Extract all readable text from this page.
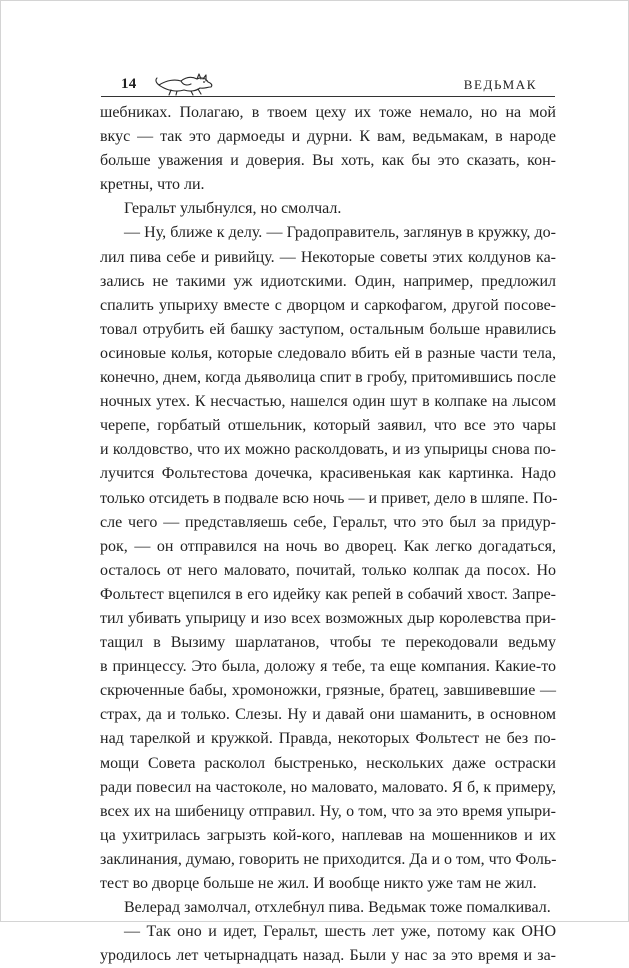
14	ВЕДЬМАК
шебниках. Полагаю, в твоем цеху их тоже немало, но на мой
вкус — так это дармоеды и дурни. К вам, ведьмакам, в народе
больше уважения и доверия. Вы хоть, как бы это сказать, кон-
кретны, что ли.
Геральт улыбнулся, но смолчал.
— Ну, ближе к делу. — Градоправитель, заглянув в кружку, до-
лил пива себе и ривийцу. — Некоторые советы этих колдунов ка-
зались не такими уж идиотскими. Один, например, предложил
спалить упыриху вместе с дворцом и саркофагом, другой посове-
товал отрубить ей башку заступом, остальным больше нравились
осиновые колья, которые следовало вбить ей в разные части тела,
конечно, днем, когда дьяволица спит в гробу, притомившись после
ночных утех. К несчастью, нашелся один шут в колпаке на лысом
черепе, горбатый отшельник, который заявил, что все это чары
и колдовство, что их можно расколдовать, и из упырицы снова по-
лучится Фольтестова дочечка, красивенькая как картинка. Надо
только отсидеть в подвале всю ночь — и привет, дело в шляпе. По-
сле чего — представляешь себе, Геральт, что это был за придур-
рок, — он отправился на ночь во дворец. Как легко догадаться,
осталось от него маловато, почитай, только колпак да посох. Но
Фольтест вцепился в его идейку как репей в собачий хвост. Запре-
тил убивать упырицу и изо всех возможных дыр королевства при-
тащил в Вызиму шарлатанов, чтобы те перекодовали ведьму
в принцессу. Это была, доложу я тебе, та еще компания. Какие-то
скрюченные бабы, хромоножки, грязные, братец, завшивевшие —
страх, да и только. Слезы. Ну и давай они шаманить, в основном
над тарелкой и кружкой. Правда, некоторых Фольтест не без по-
мощи Совета расколол быстренько, нескольких даже остраски
ради повесил на частоколе, но маловато, маловато. Я б, к примеру,
всех их на шибеницу отправил. Ну, о том, что за это время упыри-
ца ухитрилась загрызть кой-кого, наплевав на мошенников и их
заклинания, думаю, говорить не приходится. Да и о том, что Фоль-
тест во дворце больше не жил. И вообще никто уже там не жил.
Велерад замолчал, отхлебнул пива. Ведьмак тоже помалкивал.
— Так оно и идет, Геральт, шесть лет уже, потому как ОНО
уродилось лет четырнадцать назад. Были у нас за это время и за-
